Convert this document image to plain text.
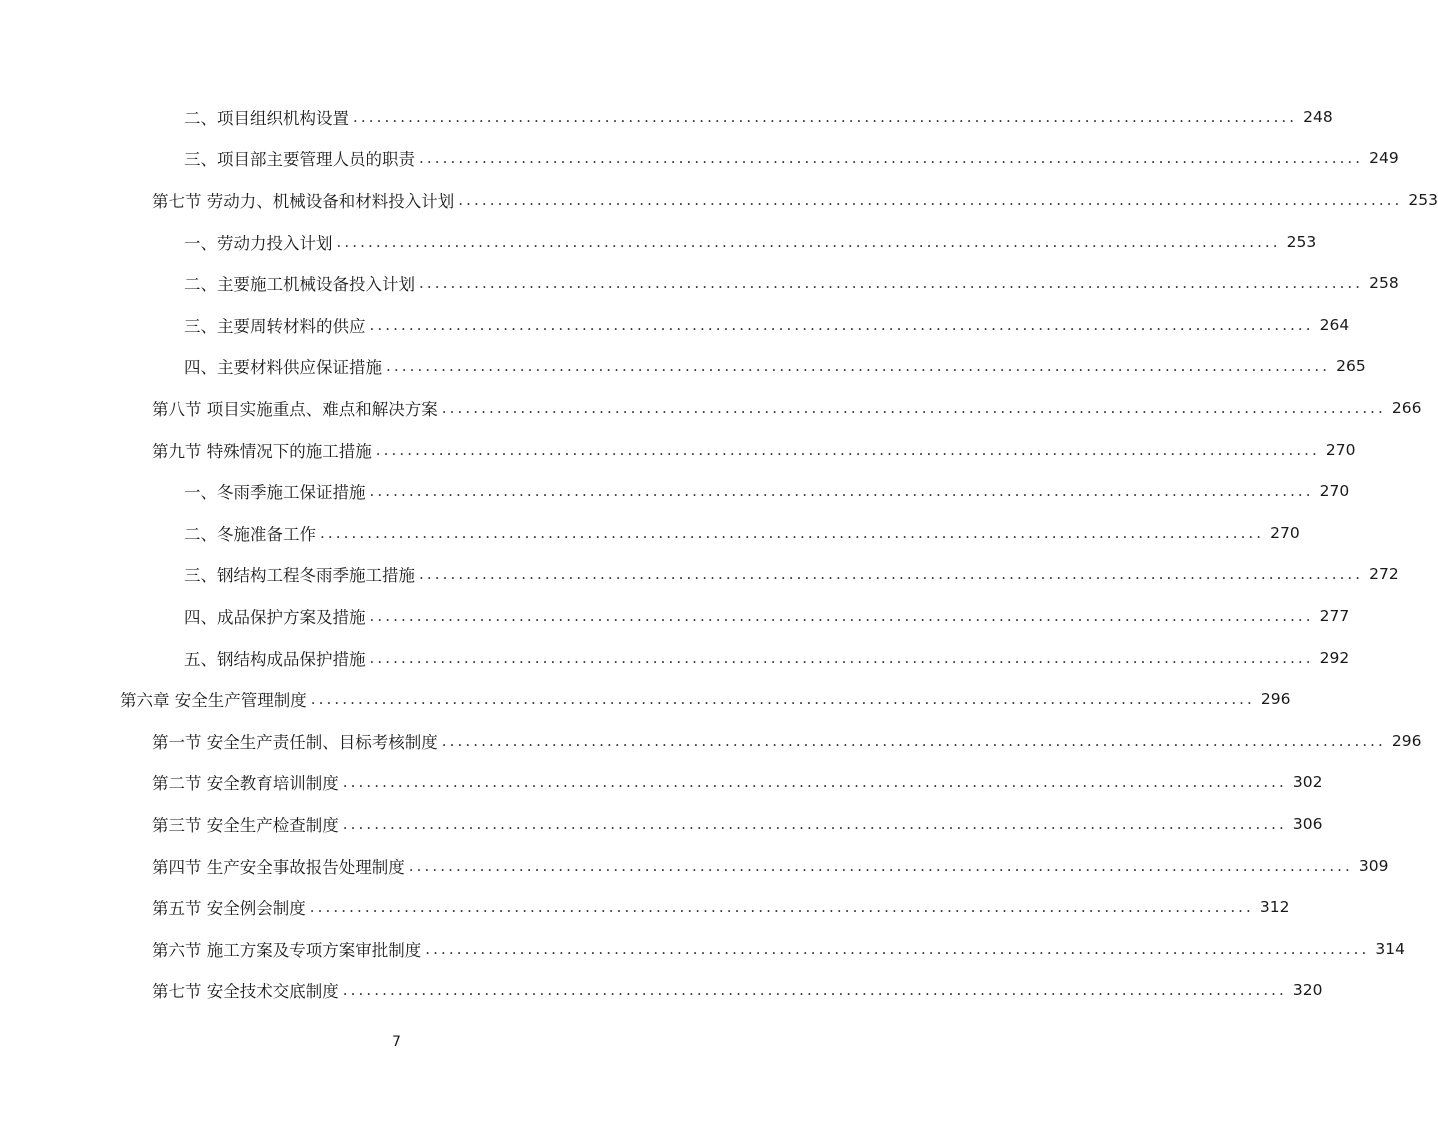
二、项目组织机构设置 ........................................................................................................................ 248
三、项目部主要管理人员的职责 ........................................................................................................................ 249
第七节 劳动力、机械设备和材料投入计划 ........................................................................................................................ 253
一、劳动力投入计划 ........................................................................................................................ 253
二、主要施工机械设备投入计划 ........................................................................................................................ 258
三、主要周转材料的供应 ........................................................................................................................ 264
四、主要材料供应保证措施 ........................................................................................................................ 265
第八节 项目实施重点、难点和解决方案 ........................................................................................................................ 266
第九节 特殊情况下的施工措施 ........................................................................................................................ 270
一、冬雨季施工保证措施 ........................................................................................................................ 270
二、冬施准备工作 ........................................................................................................................ 270
三、钢结构工程冬雨季施工措施 ........................................................................................................................ 272
四、成品保护方案及措施 ........................................................................................................................ 277
五、钢结构成品保护措施 ........................................................................................................................ 292
第六章 安全生产管理制度 ........................................................................................................................ 296
第一节 安全生产责任制、目标考核制度 ........................................................................................................................ 296
第二节 安全教育培训制度 ........................................................................................................................ 302
第三节 安全生产检查制度 ........................................................................................................................ 306
第四节 生产安全事故报告处理制度 ........................................................................................................................ 309
第五节 安全例会制度 ........................................................................................................................ 312
第六节 施工方案及专项方案审批制度 ........................................................................................................................ 314
第七节 安全技术交底制度 ........................................................................................................................ 320
7
